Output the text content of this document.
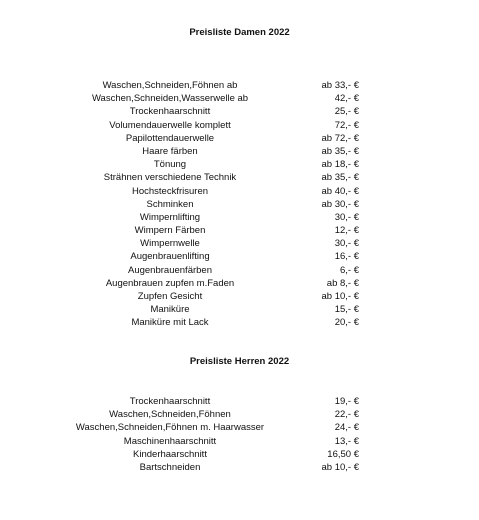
Preisliste Damen 2022
Waschen,Schneiden,Föhnen ab	ab 33,- €
Waschen,Schneiden,Wasserwelle ab	42,- €
Trockenhaarschnitt	25,- €
Volumendauerwelle komplett	72,- €
Papilottendauerwelle	ab 72,- €
Haare färben	ab 35,- €
Tönung	ab 18,- €
Strähnen verschiedene Technik	ab 35,- €
Hochsteckfrisuren	ab 40,- €
Schminken	ab 30,- €
Wimpernlifting	30,- €
Wimpern Färben	12,- €
Wimpernwelle	30,- €
Augenbrauenlifting	16,- €
Augenbrauenfärben	6,- €
Augenbrauen zupfen m.Faden	ab 8,- €
Zupfen Gesicht	ab 10,- €
Maniküre	15,- €
Maniküre mit Lack	20,- €
Preisliste Herren 2022
Trockenhaarschnitt	19,- €
Waschen,Schneiden,Föhnen	22,- €
Waschen,Schneiden,Föhnen m. Haarwasser	24,- €
Maschinenhaarschnitt	13,- €
Kinderhaarschnitt	16,50 €
Bartschneiden	ab 10,- €
